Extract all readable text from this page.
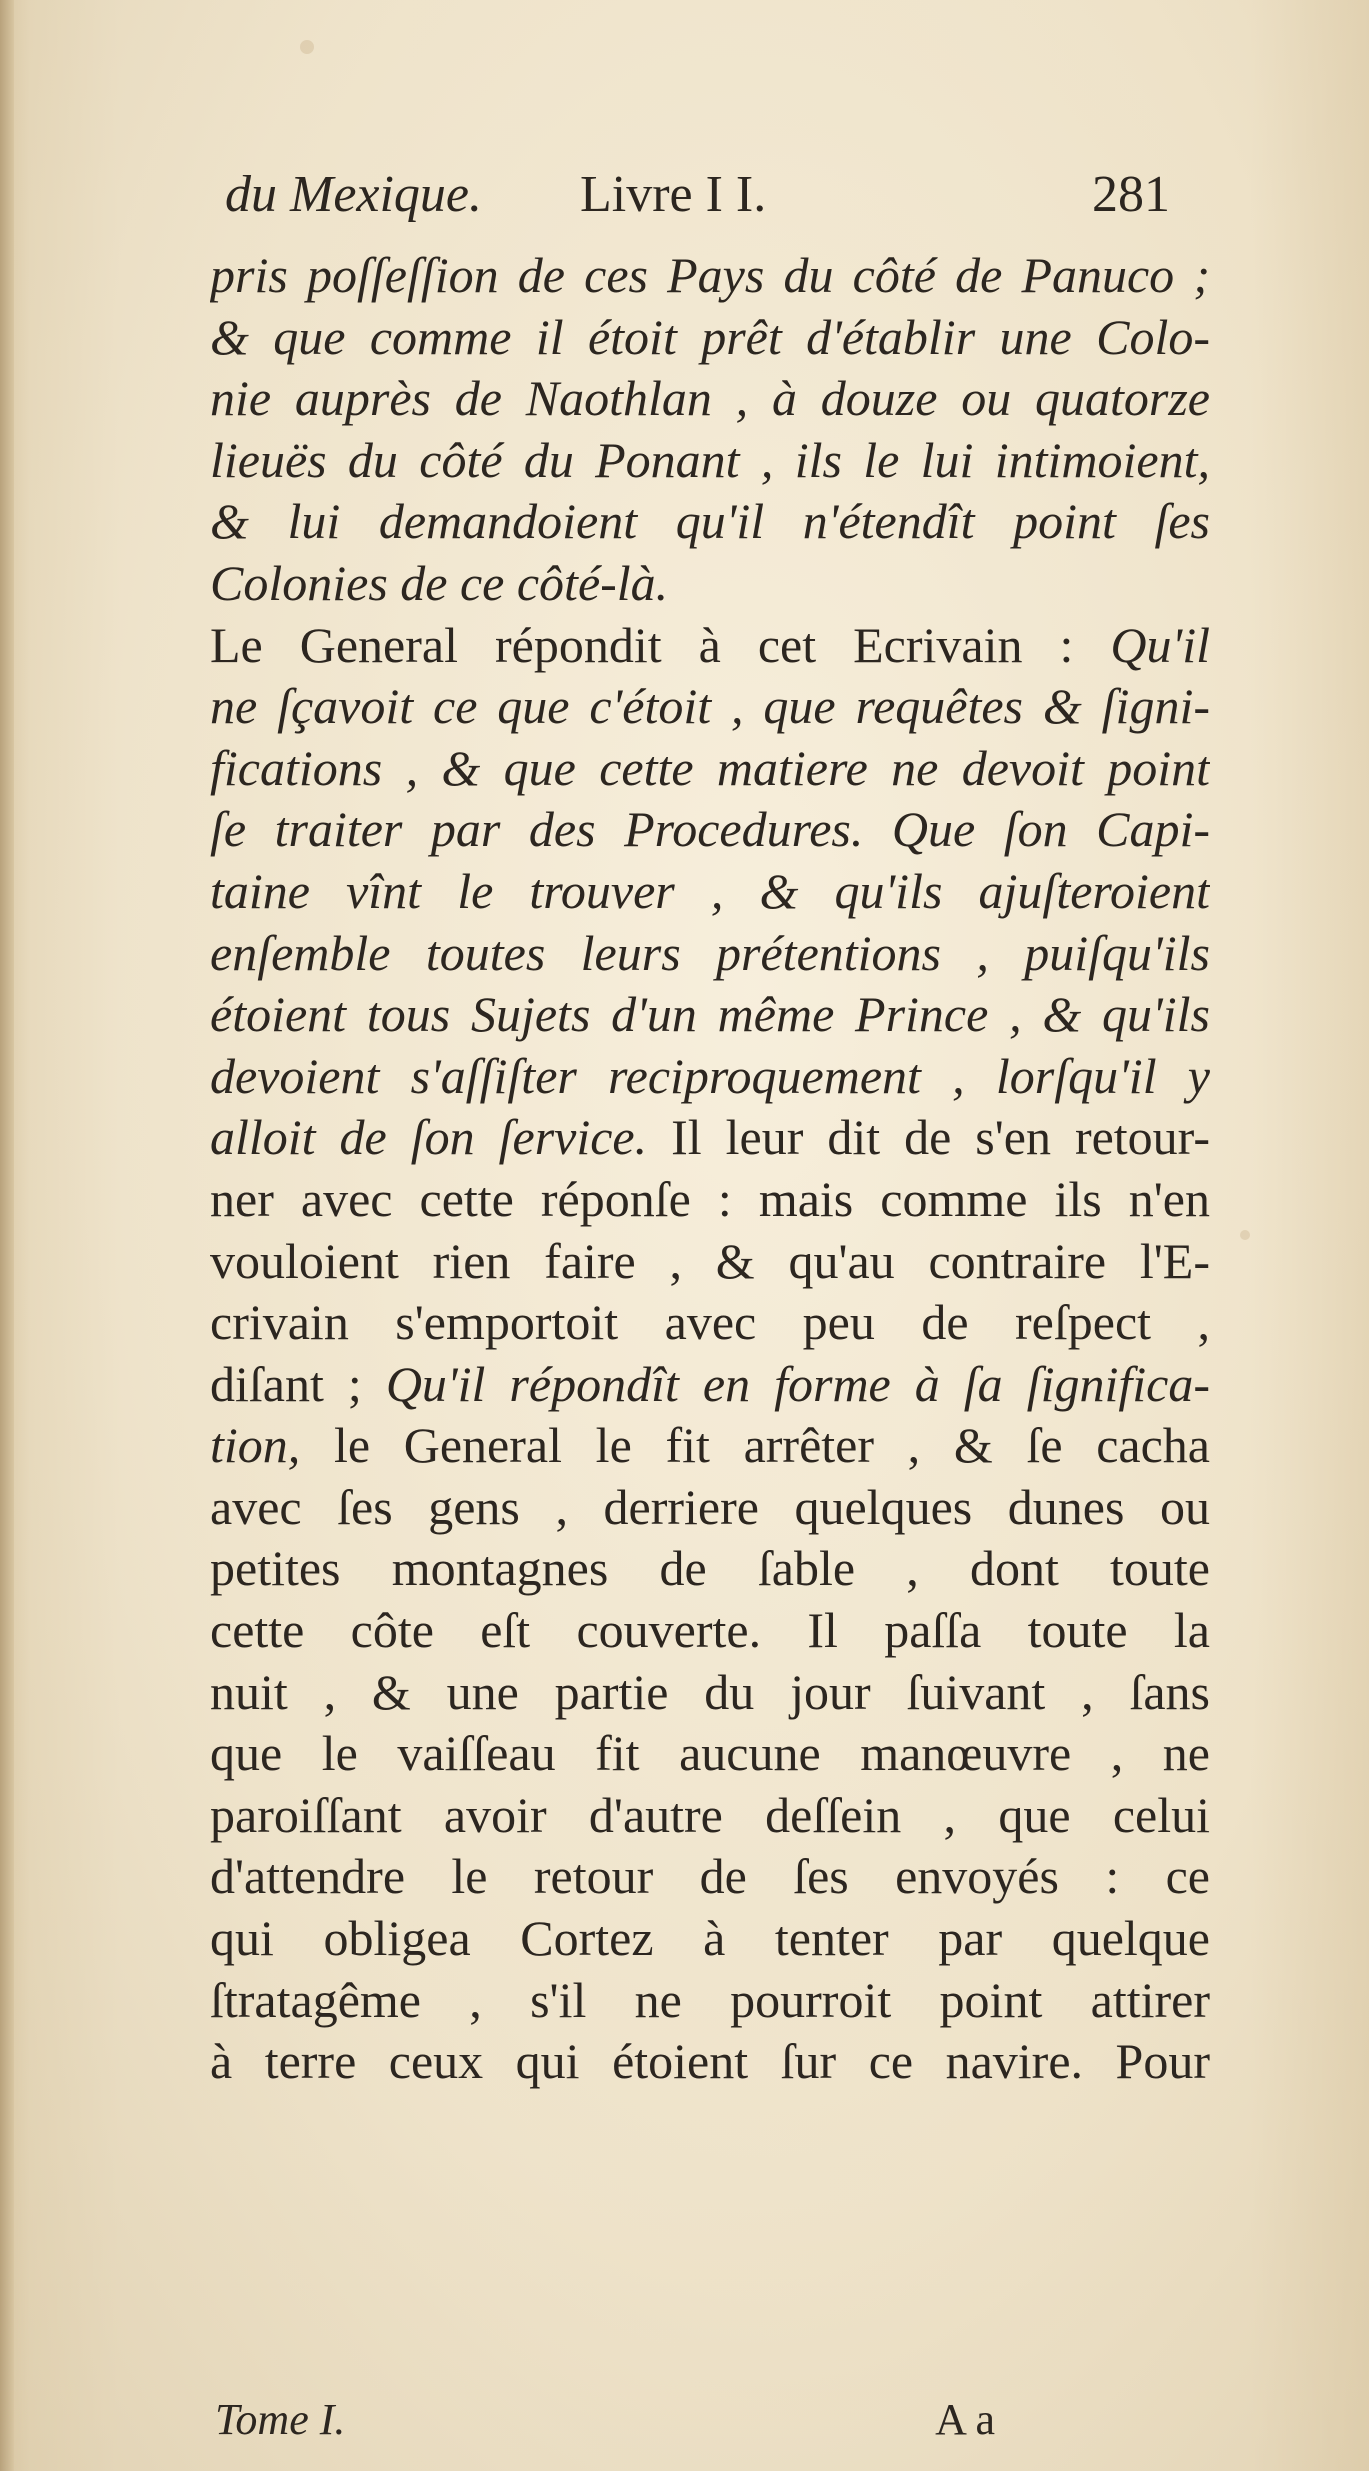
du Mexique. Livre I I.	281
pris poſſeſſion de ces Pays du côté de Panuco ;
& que comme il étoit prêt d'établir une Colo-
nie auprès de Naothlan , à douze ou quatorze
lieuës du côté du Ponant , ils le lui intimoient,
& lui demandoient qu'il n'étendît point ſes
Colonies de ce côté-là.
Le General répondit à cet Ecrivain : Qu'il
ne ſçavoit ce que c'étoit , que requêtes & ſigni-
fications , & que cette matiere ne devoit point
ſe traiter par des Procedures. Que ſon Capi-
taine vînt le trouver , & qu'ils ajuſteroient
enſemble toutes leurs prétentions , puiſqu'ils
étoient tous Sujets d'un même Prince , & qu'ils
devoient s'aſſiſter reciproquement , lorſqu'il y
alloit de ſon ſervice. Il leur dit de s'en retour-
ner avec cette réponſe : mais comme ils n'en
vouloient rien faire , & qu'au contraire l'E-
crivain s'emportoit avec peu de reſpect ,
diſant ; Qu'il répondît en forme à ſa ſignifica-
tion, le General le fit arrêter , & ſe cacha
avec ſes gens , derriere quelques dunes ou
petites montagnes de ſable , dont toute
cette côte eſt couverte. Il paſſa toute la
nuit , & une partie du jour ſuivant , ſans
que le vaiſſeau fit aucune manœuvre , ne
paroiſſant avoir d'autre deſſein , que celui
d'attendre le retour de ſes envoyés : ce
qui obligea Cortez à tenter par quelque
ſtratagême , s'il ne pourroit point attirer
à terre ceux qui étoient ſur ce navire. Pour
Tome I.	A a
